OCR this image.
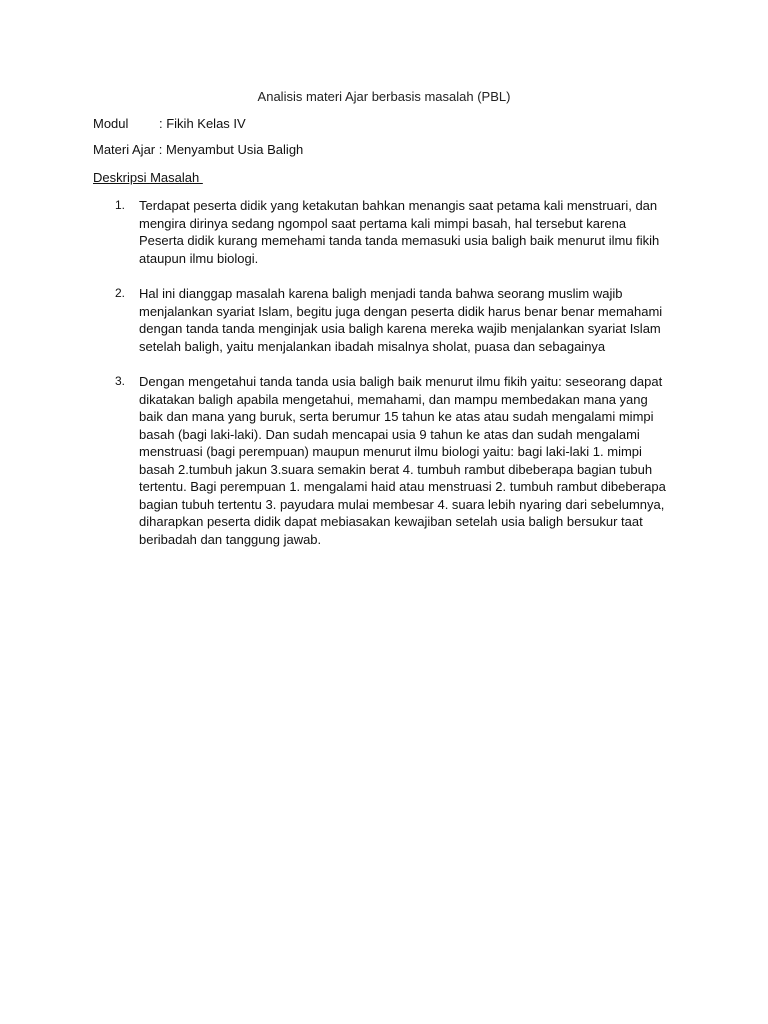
Analisis materi Ajar berbasis masalah (PBL)
Modul : Fikih Kelas IV
Materi Ajar : Menyambut Usia Baligh
Deskripsi Masalah
1.	Terdapat peserta didik yang ketakutan bahkan menangis saat petama kali menstruari, dan mengira dirinya sedang ngompol saat pertama kali mimpi basah, hal tersebut karena Peserta didik kurang memehami tanda tanda memasuki usia baligh baik menurut ilmu fikih ataupun ilmu biologi.
2.	Hal ini dianggap masalah karena baligh menjadi tanda bahwa seorang muslim wajib menjalankan syariat Islam, begitu juga dengan peserta didik harus benar benar memahami dengan tanda tanda menginjak usia baligh karena mereka wajib menjalankan syariat Islam setelah baligh, yaitu menjalankan ibadah misalnya sholat, puasa dan sebagainya
3.	Dengan mengetahui tanda tanda usia baligh baik menurut ilmu fikih yaitu: seseorang dapat dikatakan baligh apabila mengetahui, memahami, dan mampu membedakan mana yang baik dan mana yang buruk, serta berumur 15 tahun ke atas atau sudah mengalami mimpi basah (bagi laki-laki). Dan sudah mencapai usia 9 tahun ke atas dan sudah mengalami menstruasi (bagi perempuan) maupun menurut ilmu biologi yaitu: bagi laki-laki 1. mimpi basah 2.tumbuh jakun 3.suara semakin berat 4. tumbuh rambut dibeberapa bagian tubuh tertentu. Bagi perempuan 1. mengalami haid atau menstruasi 2. tumbuh rambut dibeberapa bagian tubuh tertentu 3. payudara mulai membesar 4. suara lebih nyaring dari sebelumnya, diharapkan peserta didik dapat mebiasakan kewajiban setelah usia baligh bersukur taat beribadah dan tanggung jawab.
